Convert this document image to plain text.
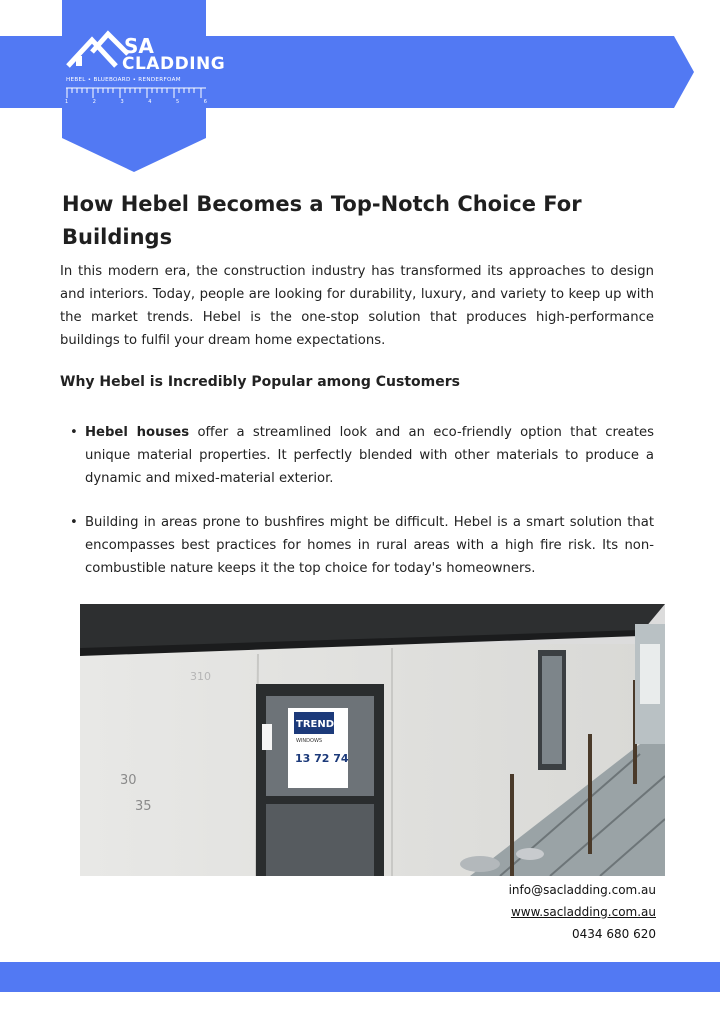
SA
CLADDING
HEBEL • BLUEBOARD • RENDERFOAM
1	2	3	4	5	6
How Hebel Becomes a Top-Notch Choice For Buildings

In this modern era, the construction industry has transformed its approaches to design and interiors. Today, people are looking for durability, luxury, and variety to keep up with the market trends. Hebel is the one-stop solution that produces high-performance buildings to fulfil your dream home expectations.

Why Hebel is Incredibly Popular among Customers
• Hebel houses offer a streamlined look and an eco-friendly option that creates unique material properties. It perfectly blended with other materials to produce a dynamic and mixed-material exterior.
• Building in areas prone to bushfires might be difficult. Hebel is a smart solution that encompasses best practices for homes in rural areas with a high fire risk. Its non-combustible nature keeps it the top choice for today's homeowners.
TREND
WINDOWS
13 72 74
310
30
35
info@sacladding.com.au
www.sacladding.com.au
0434 680 620
